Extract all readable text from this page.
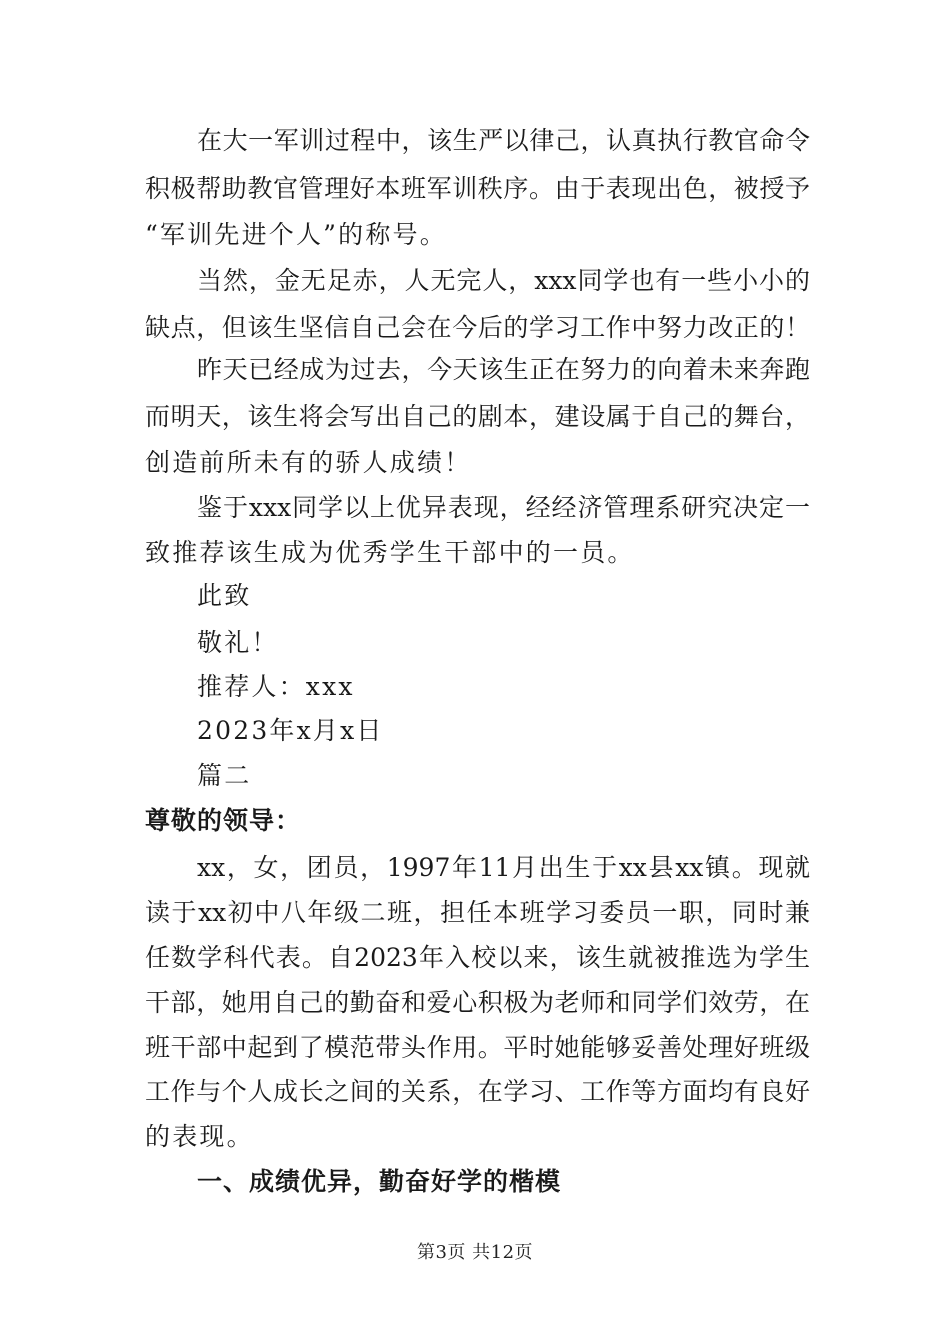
在大一军训过程中，该生严以律己，认真执行教官命令
积极帮助教官管理好本班军训秩序。由于表现出色，被授予
“军训先进个人”的称号。
当然，金无足赤，人无完人，xxx同学也有一些小小的
缺点，但该生坚信自己会在今后的学习工作中努力改正的！
昨天已经成为过去，今天该生正在努力的向着未来奔跑
而明天，该生将会写出自己的剧本，建设属于自己的舞台，
创造前所未有的骄人成绩！
鉴于xxx同学以上优异表现，经经济管理系研究决定一
致推荐该生成为优秀学生干部中的一员。
此致
敬礼！
推荐人：xxx
2023年x月x日
篇二
尊敬的领导：
xx，女，团员，1997年11月出生于xx县xx镇。现就
读于xx初中八年级二班，担任本班学习委员一职，同时兼
任数学科代表。自2023年入校以来，该生就被推选为学生
干部，她用自己的勤奋和爱心积极为老师和同学们效劳，在
班干部中起到了模范带头作用。平时她能够妥善处理好班级
工作与个人成长之间的关系，在学习、工作等方面均有良好
的表现。
一、成绩优异，勤奋好学的楷模
第3页 共12页
